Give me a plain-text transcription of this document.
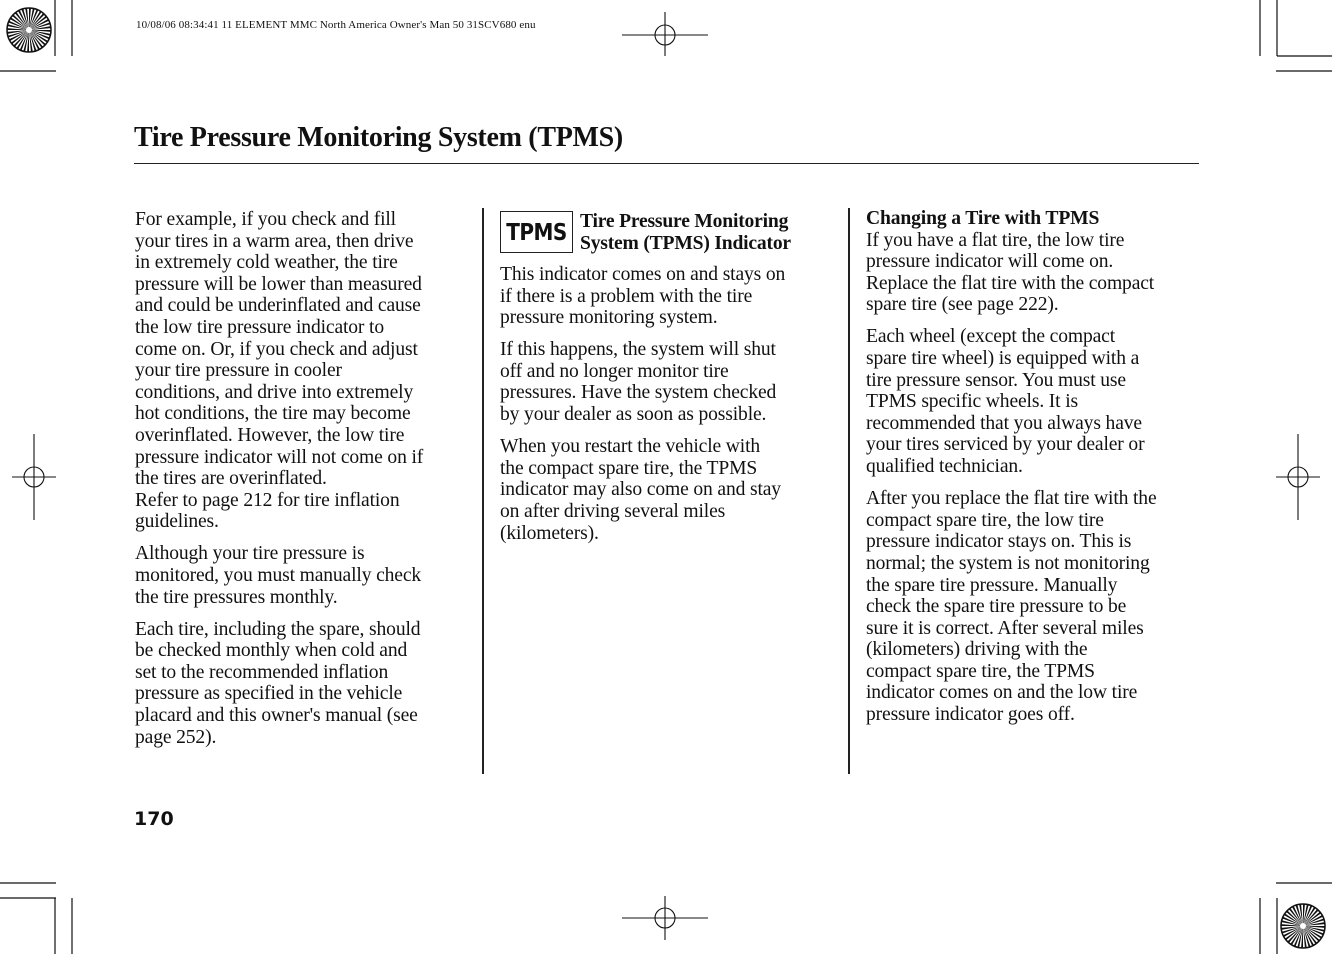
10/08/06 08:34:41 11 ELEMENT MMC North America Owner's Man 50 31SCV680 enu
Tire Pressure Monitoring System (TPMS)

For example, if you check and fill
your tires in a warm area, then drive
in extremely cold weather, the tire
pressure will be lower than measured
and could be underinflated and cause
the low tire pressure indicator to
come on. Or, if you check and adjust
your tire pressure in cooler
conditions, and drive into extremely
hot conditions, the tire may become
overinflated. However, the low tire
pressure indicator will not come on if
the tires are overinflated.
Refer to page 212 for tire inflation
guidelines.

Although your tire pressure is
monitored, you must manually check
the tire pressures monthly.

Each tire, including the spare, should
be checked monthly when cold and
set to the recommended inflation
pressure as specified in the vehicle
placard and this owner's manual (see
page 252).

TPMS Tire Pressure Monitoring
System (TPMS) Indicator

This indicator comes on and stays on
if there is a problem with the tire
pressure monitoring system.

If this happens, the system will shut
off and no longer monitor tire
pressures. Have the system checked
by your dealer as soon as possible.

When you restart the vehicle with
the compact spare tire, the TPMS
indicator may also come on and stay
on after driving several miles
(kilometers).

Changing a Tire with TPMS

If you have a flat tire, the low tire
pressure indicator will come on.
Replace the flat tire with the compact
spare tire (see page 222).

Each wheel (except the compact
spare tire wheel) is equipped with a
tire pressure sensor. You must use
TPMS specific wheels. It is
recommended that you always have
your tires serviced by your dealer or
qualified technician.

After you replace the flat tire with the
compact spare tire, the low tire
pressure indicator stays on. This is
normal; the system is not monitoring
the spare tire pressure. Manually
check the spare tire pressure to be
sure it is correct. After several miles
(kilometers) driving with the
compact spare tire, the TPMS
indicator comes on and the low tire
pressure indicator goes off.

170
